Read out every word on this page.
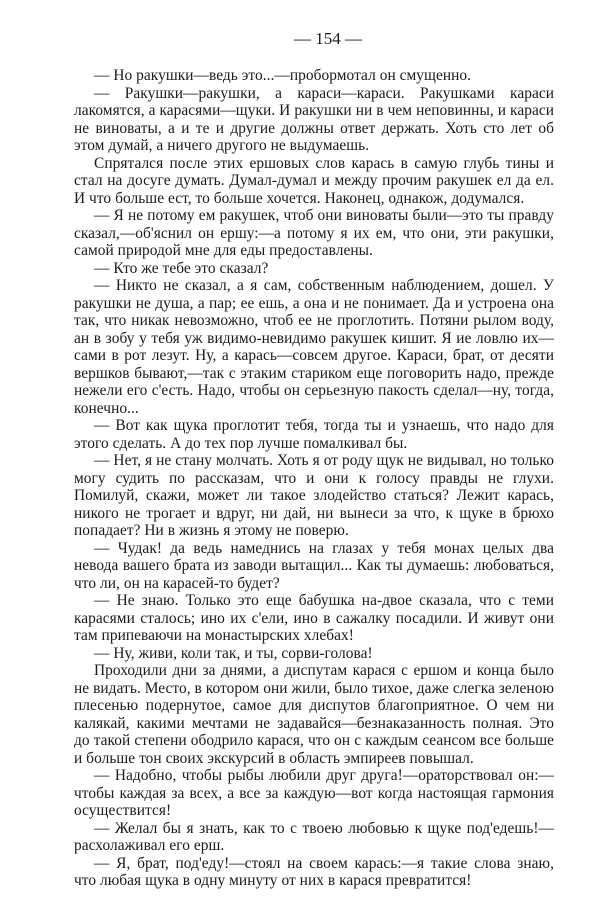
— 154 —

— Но ракушки—ведь это...—пробормотал он смущенно.

— Ракушки—ракушки, а караси—караси. Ракушками караси лакомятся, а карасями—щуки. И ракушки ни в чем неповинны, и караси не виноваты, а и те и другие должны ответ держать. Хоть сто лет об этом думай, а ничего другого не выдумаешь.

Спрятался после этих ершовых слов карась в самую глубь тины и стал на досуге думать. Думал-думал и между прочим ракушек ел да ел. И что больше ест, то больше хочется. Наконец, однакож, додумался.

— Я не потому ем ракушек, чтоб они виноваты были—это ты правду сказал,—об'яснил он ершу:—а потому я их ем, что они, эти ракушки, самой природой мне для еды предоставлены.

— Кто же тебе это сказал?

— Никто не сказал, а я сам, собственным наблюдением, дошел. У ракушки не душа, а пар; ее ешь, а она и не понимает. Да и устроена она так, что никак невозможно, чтоб ее не проглотить. Потяни рылом воду, ан в зобу у тебя уж видимо-невидимо ракушек кишит. Я ие ловлю их—сами в рот лезут. Ну, а карась—совсем другое. Караси, брат, от десяти вершков бывают,—так с этаким стариком еще поговорить надо, прежде нежели его с'есть. Надо, чтобы он серьезную пакость сделал—ну, тогда, конечно...

— Вот как щука проглотит тебя, тогда ты и узнаешь, что надо для этого сделать. А до тех пор лучше помалкивал бы.

— Нет, я не стану молчать. Хоть я от роду щук не видывал, но только могу судить по рассказам, что и они к голосу правды не глухи. Помилуй, скажи, может ли такое злодейство статься? Лежит карась, никого не трогает и вдруг, ни дай, ни вынеси за что, к щуке в брюхо попадает? Ни в жизнь я этому не поверю.

— Чудак! да ведь намеднись на глазах у тебя монах целых два невода вашего брата из заводи вытащил... Как ты думаешь: любоваться, что ли, он на карасей-то будет?

— Не знаю. Только это еще бабушка на-двое сказала, что с теми карасями сталось; ино их с'ели, ино в сажалку посадили. И живут они там припеваючи на монастырских хлебах!

— Ну, живи, коли так, и ты, сорви-голова!

Проходили дни за днями, а диспутам карася с ершом и конца было не видать. Место, в котором они жили, было тихое, даже слегка зеленою плесенью подернутое, самое для диспутов благоприятное. О чем ни калякай, какими мечтами не задавайся—безнаказанность полная. Это до такой степени ободрило карася, что он с каждым сеансом все больше и больше тон своих экскурсий в область эмпиреев повышал.

— Надобно, чтобы рыбы любили друг друга!—ораторствовал он:—чтобы каждая за всех, а все за каждую—вот когда настоящая гармония осуществится!

— Желал бы я знать, как то с твоею любовью к щуке под'едешь!—расхолаживал его ерш.

— Я, брат, под'еду!—стоял на своем карась:—я такие слова знаю, что любая щука в одну минуту от них в карася превратится!
